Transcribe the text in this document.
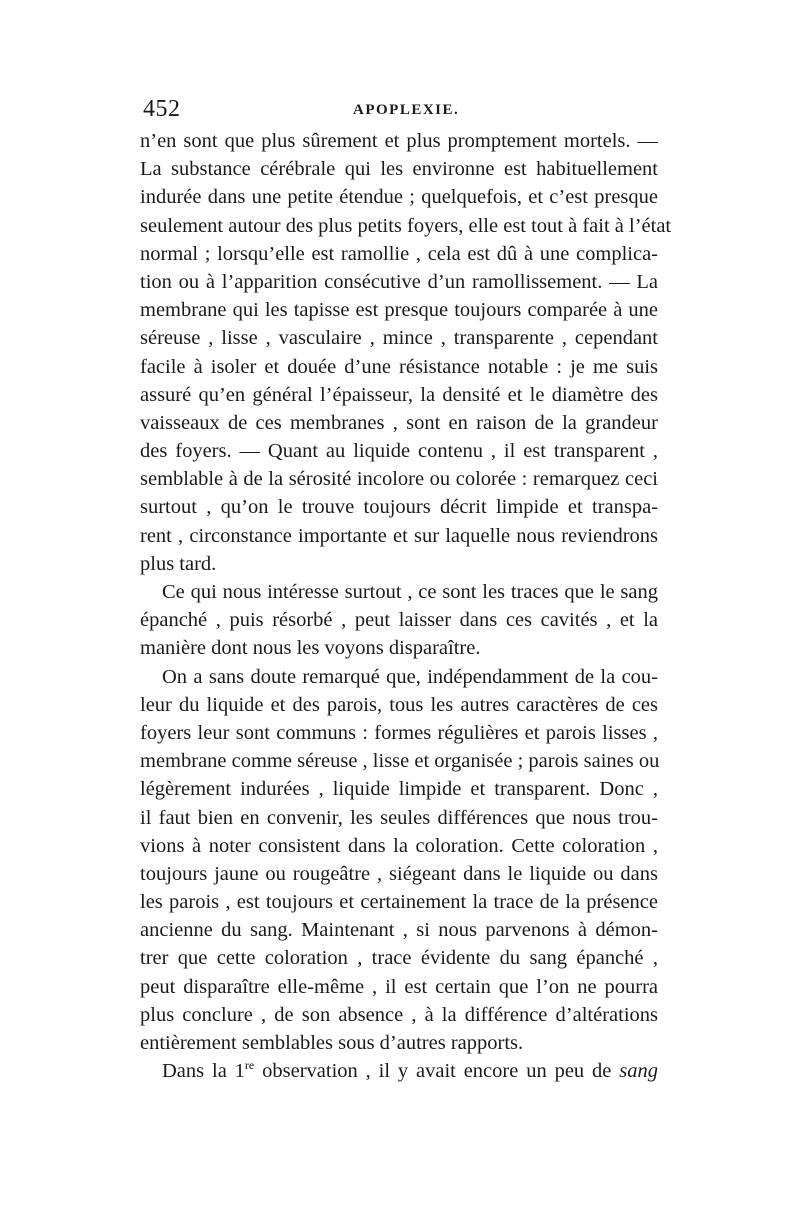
452	APOPLEXIE.
n’en sont que plus sûrement et plus promptement mortels. —
La substance cérébrale qui les environne est habituellement
indurée dans une petite étendue ; quelquefois, et c’est presque
seulement autour des plus petits foyers, elle est tout à fait à l’état
normal ; lorsqu’elle est ramollie , cela est dû à une complica-
tion ou à l’apparition consécutive d’un ramollissement. — La
membrane qui les tapisse est presque toujours comparée à une
séreuse , lisse , vasculaire , mince , transparente , cependant
facile à isoler et douée d’une résistance notable : je me suis
assuré qu’en général l’épaisseur, la densité et le diamètre des
vaisseaux de ces membranes , sont en raison de la grandeur
des foyers. — Quant au liquide contenu , il est transparent ,
semblable à de la sérosité incolore ou colorée : remarquez ceci
surtout , qu’on le trouve toujours décrit limpide et transpa-
rent , circonstance importante et sur laquelle nous reviendrons
plus tard.
Ce qui nous intéresse surtout , ce sont les traces que le sang
épanché , puis résorbé , peut laisser dans ces cavités , et la
manière dont nous les voyons disparaître.
On a sans doute remarqué que, indépendamment de la cou-
leur du liquide et des parois, tous les autres caractères de ces
foyers leur sont communs : formes régulières et parois lisses ,
membrane comme séreuse , lisse et organisée ; parois saines ou
légèrement indurées , liquide limpide et transparent. Donc ,
il faut bien en convenir, les seules différences que nous trou-
vions à noter consistent dans la coloration. Cette coloration ,
toujours jaune ou rougeâtre , siégeant dans le liquide ou dans
les parois , est toujours et certainement la trace de la présence
ancienne du sang. Maintenant , si nous parvenons à démon-
trer que cette coloration , trace évidente du sang épanché ,
peut disparaître elle-même , il est certain que l’on ne pourra
plus conclure , de son absence , à la différence d’altérations
entièrement semblables sous d’autres rapports.
Dans la 1re observation , il y avait encore un peu de sang
